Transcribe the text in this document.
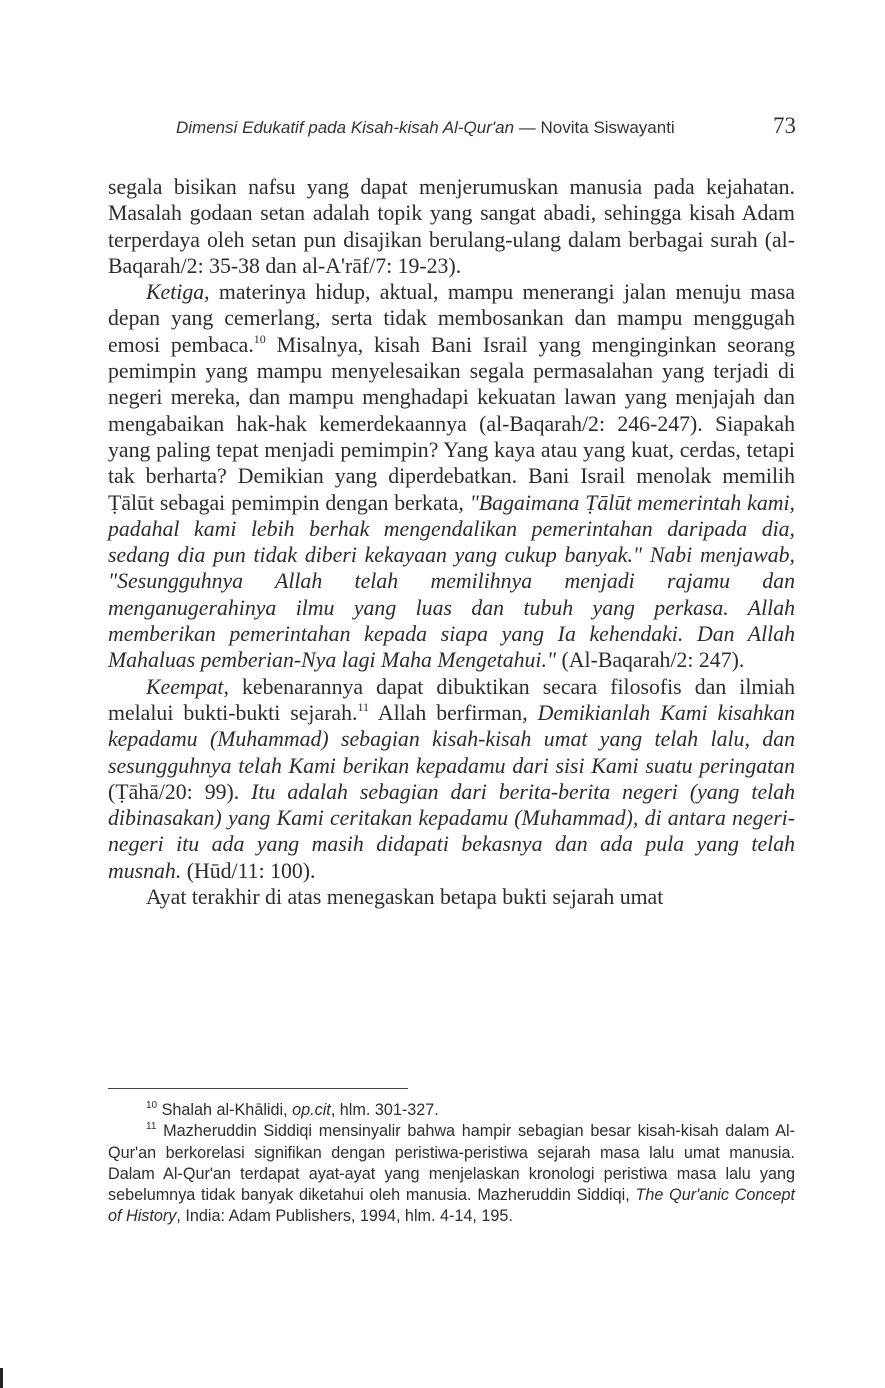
Dimensi Edukatif pada Kisah-kisah Al-Qur'an — Novita Siswayanti	73

segala bisikan nafsu yang dapat menjerumuskan manusia pada kejahatan. Masalah godaan setan adalah topik yang sangat abadi, sehingga kisah Adam terperdaya oleh setan pun disajikan berulang-ulang dalam berbagai surah (al-Baqarah/2: 35-38 dan al-A'rāf/7: 19-23).

Ketiga, materinya hidup, aktual, mampu menerangi jalan menuju masa depan yang cemerlang, serta tidak membosankan dan mampu menggugah emosi pembaca.$^{10}$ Misalnya, kisah Bani Israil yang menginginkan seorang pemimpin yang mampu menyelesaikan segala permasalahan yang terjadi di negeri mereka, dan mampu menghadapi kekuatan lawan yang menjajah dan mengabaikan hak-hak kemerdekaannya (al-Baqarah/2: 246-247). Siapakah yang paling tepat menjadi pemimpin? Yang kaya atau yang kuat, cerdas, tetapi tak berharta? Demikian yang diperdebatkan. Bani Israil menolak memilih Ṭālūt sebagai pemimpin dengan berkata, "Bagaimana Ṭālūt memerintah kami, padahal kami lebih berhak mengendalikan pemerintahan daripada dia, sedang dia pun tidak diberi kekayaan yang cukup banyak." Nabi menjawab, "Sesungguhnya Allah telah memilihnya menjadi rajamu dan menganugerahinya ilmu yang luas dan tubuh yang perkasa. Allah memberikan pemerintahan kepada siapa yang Ia kehendaki. Dan Allah Mahaluas pemberian-Nya lagi Maha Mengetahui." (Al-Baqarah/2: 247).

Keempat, kebenarannya dapat dibuktikan secara filosofis dan ilmiah melalui bukti-bukti sejarah.$^{11}$ Allah berfirman, Demikianlah Kami kisahkan kepadamu (Muhammad) sebagian kisah-kisah umat yang telah lalu, dan sesungguhnya telah Kami berikan kepadamu dari sisi Kami suatu peringatan (Ṭāhā/20: 99). Itu adalah sebagian dari berita-berita negeri (yang telah dibinasakan) yang Kami ceritakan kepadamu (Muhammad), di antara negeri-negeri itu ada yang masih didapati bekasnya dan ada pula yang telah musnah. (Hūd/11: 100).

Ayat terakhir di atas menegaskan betapa bukti sejarah umat

$^{10}$ Shalah al-Khālidi, op.cit, hlm. 301-327.

$^{11}$ Mazheruddin Siddiqi mensinyalir bahwa hampir sebagian besar kisah-kisah dalam Al-Qur'an berkorelasi signifikan dengan peristiwa-peristiwa sejarah masa lalu umat manusia. Dalam Al-Qur'an terdapat ayat-ayat yang menjelaskan kronologi peristiwa masa lalu yang sebelumnya tidak banyak diketahui oleh manusia. Mazheruddin Siddiqi, The Qur'anic Concept of History, India: Adam Publishers, 1994, hlm. 4-14, 195.
